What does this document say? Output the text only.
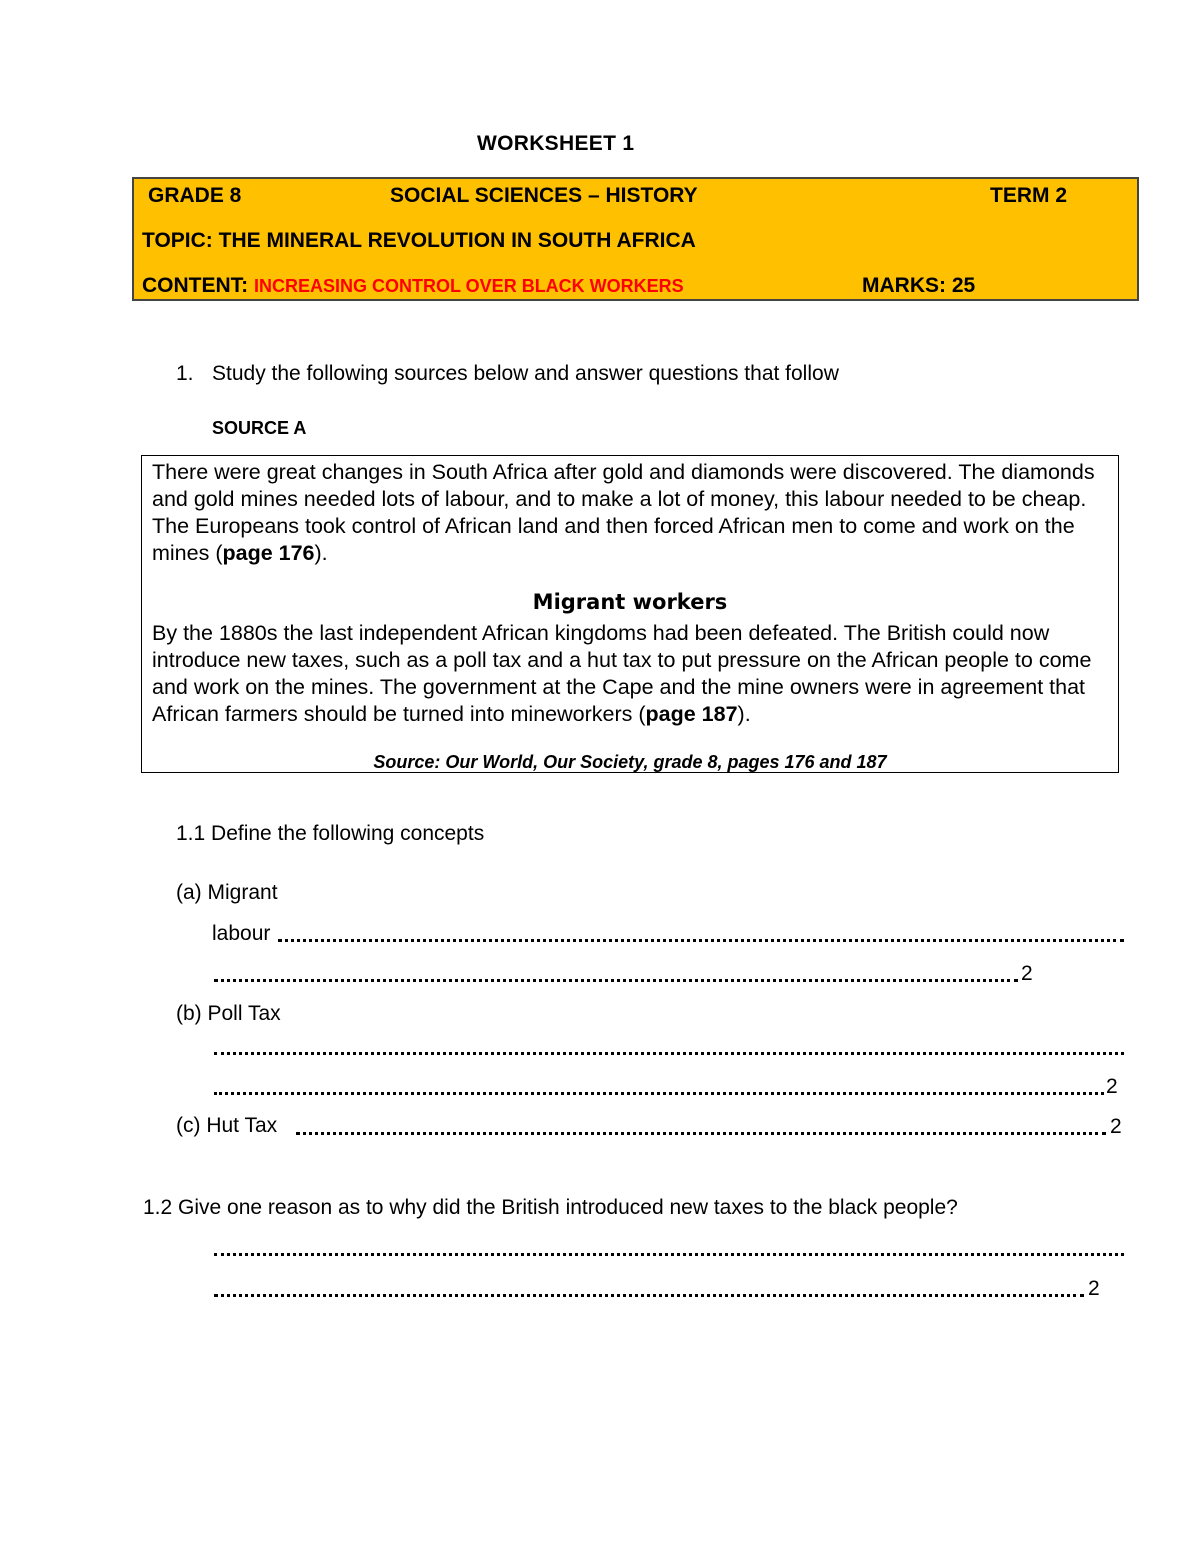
WORKSHEET 1
GRADE 8	SOCIAL SCIENCES – HISTORY	TERM 2
TOPIC: THE MINERAL REVOLUTION IN SOUTH AFRICA
CONTENT: INCREASING CONTROL OVER BLACK WORKERS	MARKS: 25
1. Study the following sources below and answer questions that follow
SOURCE A
There were great changes in South Africa after gold and diamonds were discovered. The diamonds and gold mines needed lots of labour, and to make a lot of money, this labour needed to be cheap. The Europeans took control of African land and then forced African men to come and work on the mines (page 176).
Migrant workers
By the 1880s the last independent African kingdoms had been defeated. The British could now introduce new taxes, such as a poll tax and a hut tax to put pressure on the African people to come and work on the mines. The government at the Cape and the mine owners were in agreement that African farmers should be turned into mineworkers (page 187).
Source: Our World, Our Society, grade 8, pages 176 and 187
1.1 Define the following concepts
(a) Migrant
labour
2
(b) Poll Tax
2
(c) Hut Tax	2
1.2 Give one reason as to why did the British introduced new taxes to the black people?
2
